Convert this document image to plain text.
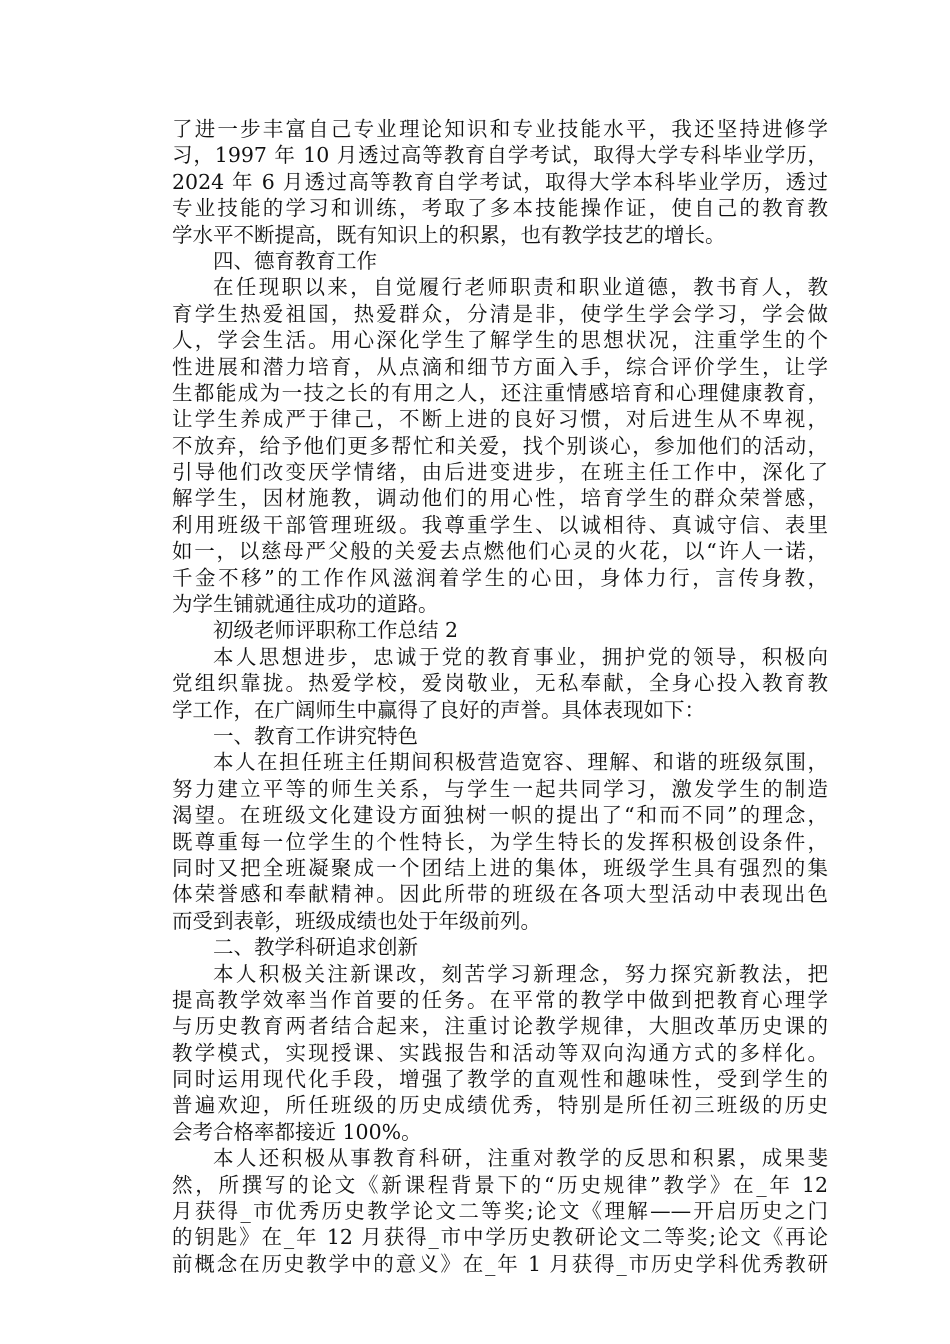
了进一步丰富自己专业理论知识和专业技能水平，我还坚持进修学
习，1997 年 10 月透过高等教育自学考试，取得大学专科毕业学历，
2024 年 6 月透过高等教育自学考试，取得大学本科毕业学历，透过
专业技能的学习和训练，考取了多本技能操作证，使自己的教育教
学水平不断提高，既有知识上的积累，也有教学技艺的增长。
四、德育教育工作
在任现职以来，自觉履行老师职责和职业道德，教书育人，教
育学生热爱祖国，热爱群众，分清是非，使学生学会学习，学会做
人，学会生活。用心深化学生了解学生的思想状况，注重学生的个
性进展和潜力培育，从点滴和细节方面入手，综合评价学生，让学
生都能成为一技之长的有用之人，还注重情感培育和心理健康教育，
让学生养成严于律己，不断上进的良好习惯，对后进生从不卑视，
不放弃，给予他们更多帮忙和关爱，找个别谈心，参加他们的活动，
引导他们改变厌学情绪，由后进变进步，在班主任工作中，深化了
解学生，因材施教，调动他们的用心性，培育学生的群众荣誉感，
利用班级干部管理班级。我尊重学生、以诚相待、真诚守信、表里
如一，以慈母严父般的关爱去点燃他们心灵的火花，以“许人一诺，
千金不移”的工作作风滋润着学生的心田，身体力行，言传身教，
为学生铺就通往成功的道路。
初级老师评职称工作总结 2
本人思想进步，忠诚于党的教育事业，拥护党的领导，积极向
党组织靠拢。热爱学校，爱岗敬业，无私奉献，全身心投入教育教
学工作，在广阔师生中赢得了良好的声誉。具体表现如下：
一、教育工作讲究特色
本人在担任班主任期间积极营造宽容、理解、和谐的班级氛围，
努力建立平等的师生关系，与学生一起共同学习，激发学生的制造
渴望。在班级文化建设方面独树一帜的提出了“和而不同”的理念，
既尊重每一位学生的个性特长，为学生特长的发挥积极创设条件，
同时又把全班凝聚成一个团结上进的集体，班级学生具有强烈的集
体荣誉感和奉献精神。因此所带的班级在各项大型活动中表现出色
而受到表彰，班级成绩也处于年级前列。
二、教学科研追求创新
本人积极关注新课改，刻苦学习新理念，努力探究新教法，把
提高教学效率当作首要的任务。在平常的教学中做到把教育心理学
与历史教育两者结合起来，注重讨论教学规律，大胆改革历史课的
教学模式，实现授课、实践报告和活动等双向沟通方式的多样化。
同时运用现代化手段，增强了教学的直观性和趣味性，受到学生的
普遍欢迎，所任班级的历史成绩优秀，特别是所任初三班级的历史
会考合格率都接近 100%。
本人还积极从事教育科研，注重对教学的反思和积累，成果斐
然，所撰写的论文《新课程背景下的“历史规律”教学》在_年 12
月获得_市优秀历史教学论文二等奖;论文《理解——开启历史之门
的钥匙》在_年 12 月获得_市中学历史教研论文二等奖;论文《再论
前概念在历史教学中的意义》在_年 1 月获得_市历史学科优秀教研
